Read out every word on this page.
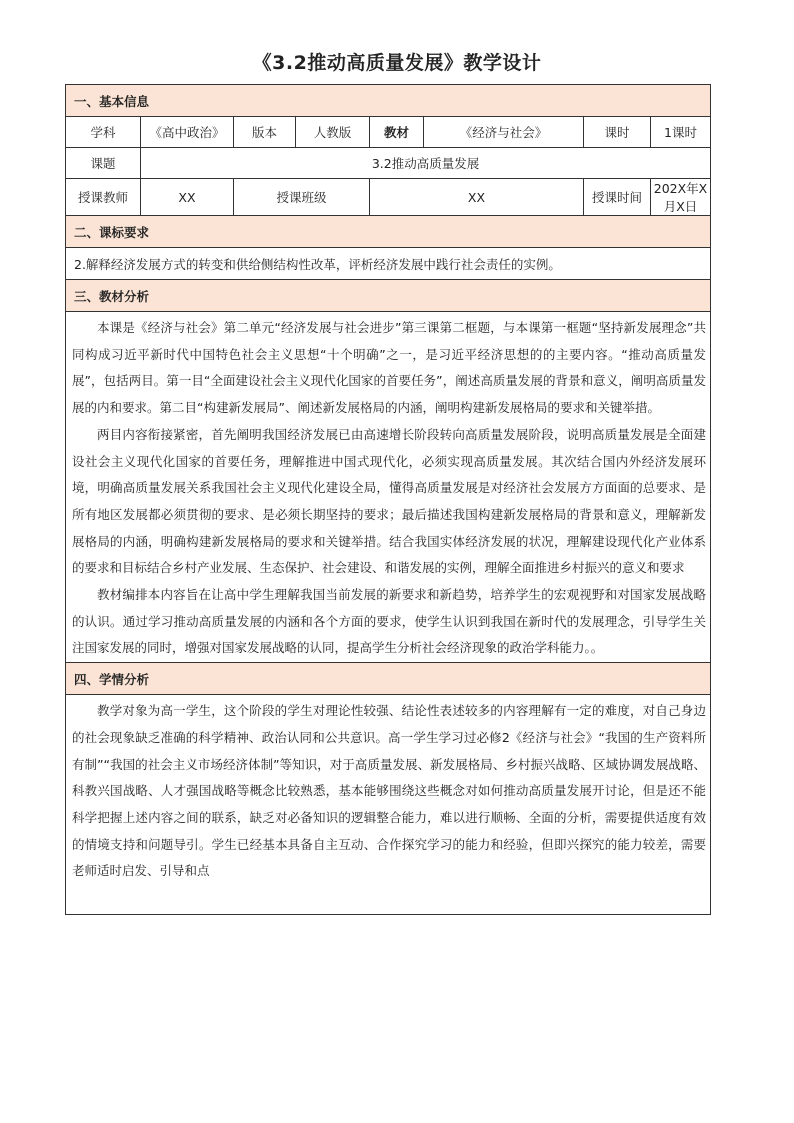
《3.2推动高质量发展》教学设计
一、基本信息							
学科	《高中政治》	版本	人教版	教材	《经济与社会》	课时	1课时
课题	3.2推动高质量发展						
授课教师	XX	授课班级		XX		授课时间	202X年X月X日
二、课标要求							
2.解释经济发展方式的转变和供给侧结构性改革，评析经济发展中践行社会责任的实例。							
三、教材分析							

本课是《经济与社会》第二单元“经济发展与社会进步”第三课第二框题，与本课第一框题“坚持新发展理念”共同构成习近平新时代中国特色社会主义思想“十个明确”之一，是习近平经济思想的的主要内容。“推动高质量发展”，包括两目。第一目“全面建设社会主义现代化国家的首要任务”，阐述高质量发展的背景和意义，阐明高质量发展的内和要求。第二目“构建新发展局”、阐述新发展格局的内涵，阐明构建新发展格局的要求和关键举措。

两目内容衔接紧密，首先阐明我国经济发展已由高速增长阶段转向高质量发展阶段，说明高质量发展是全面建设社会主义现代化国家的首要任务，理解推进中国式现代化，必须实现高质量发展。其次结合国内外经济发展环境，明确高质量发展关系我国社会主义现代化建设全局，懂得高质量发展是对经济社会发展方方面面的总要求、是所有地区发展都必须贯彻的要求、是必须长期坚持的要求；最后描述我国构建新发展格局的背景和意义，理解新发展格局的内涵，明确构建新发展格局的要求和关键举措。结合我国实体经济发展的状况，理解建设现代化产业体系的要求和目标结合乡村产业发展、生态保护、社会建设、和谐发展的实例，理解全面推进乡村振兴的意义和要求

教材编排本内容旨在让高中学生理解我国当前发展的新要求和新趋势，培养学生的宏观视野和对国家发展战略的认识。通过学习推动高质量发展的内涵和各个方面的要求，使学生认识到我国在新时代的发展理念，引导学生关注国家发展的同时，增强对国家发展战略的认同，提高学生分析社会经济现象的政治学科能力。。							

四、学情分析							

教学对象为高一学生，这个阶段的学生对理论性较强、结论性表述较多的内容理解有一定的难度，对自己身边的社会现象缺乏准确的科学精神、政治认同和公共意识。高一学生学习过必修2《经济与社会》“我国的生产资料所有制”“我国的社会主义市场经济体制”等知识，对于高质量发展、新发展格局、乡村振兴战略、区域协调发展战略、科教兴国战略、人才强国战略等概念比较熟悉，基本能够围绕这些概念对如何推动高质量发展开讨论，但是还不能科学把握上述内容之间的联系，缺乏对必备知识的逻辑整合能力，难以进行顺畅、全面的分析，需要提供适度有效的情境支持和问题导引。学生已经基本具备自主互动、合作探究学习的能力和经验，但即兴探究的能力较差，需要老师适时启发、引导和点							
